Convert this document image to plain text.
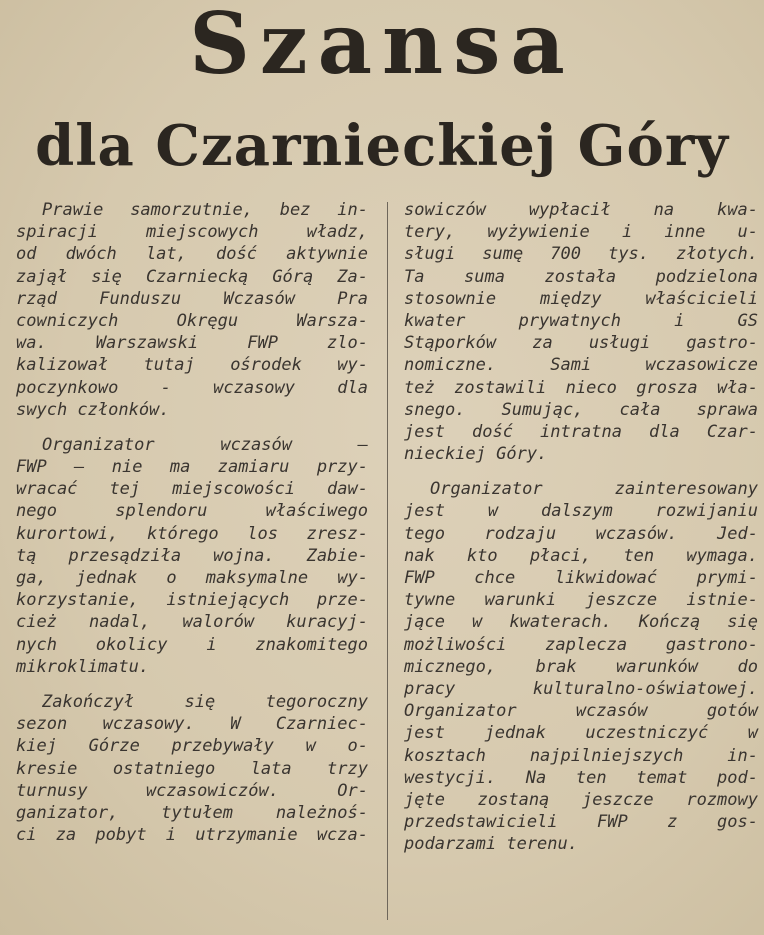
Szansa
dla Czarnieckiej Góry
Prawie samorzutnie, bez in-
spiracji miejscowych władz,
od dwóch lat, dość aktywnie
zajął się Czarniecką Górą Za-
rząd Funduszu Wczasów Pra
cowniczych Okręgu Warsza-
wa. Warszawski FWP zlo-
kalizował tutaj ośrodek wy-
poczynkowo - wczasowy dla
swych członków.
Organizator wczasów —
FWP — nie ma zamiaru przy-
wracać tej miejscowości daw-
nego splendoru właściwego
kurortowi, którego los zresz-
tą przesądziła wojna. Zabie-
ga, jednak o maksymalne wy-
korzystanie, istniejących prze-
cież nadal, walorów kuracyj-
nych okolicy i znakomitego
mikroklimatu.
Zakończył się tegoroczny
sezon wczasowy. W Czarniec-
kiej Górze przebywały w o-
kresie ostatniego lata trzy
turnusy wczasowiczów. Or-
ganizator, tytułem należnoś-
ci za pobyt i utrzymanie wcza-
sowiczów wypłacił na kwa-
tery, wyżywienie i inne u-
sługi sumę 700 tys. złotych.
Ta suma została podzielona
stosownie między właścicieli
kwater prywatnych i GS
Stąporków za usługi gastro-
nomiczne. Sami wczasowicze
też zostawili nieco grosza wła-
snego. Sumując, cała sprawa
jest dość intratna dla Czar-
nieckiej Góry.
Organizator zainteresowany
jest w dalszym rozwijaniu
tego rodzaju wczasów. Jed-
nak kto płaci, ten wymaga.
FWP chce likwidować prymi-
tywne warunki jeszcze istnie-
jące w kwaterach. Kończą się
możliwości zaplecza gastrono-
micznego, brak warunków do
pracy kulturalno-oświatowej.
Organizator wczasów gotów
jest jednak uczestniczyć w
kosztach najpilniejszych in-
westycji. Na ten temat pod-
jęte zostaną jeszcze rozmowy
przedstawicieli FWP z gos-
podarzami terenu.
